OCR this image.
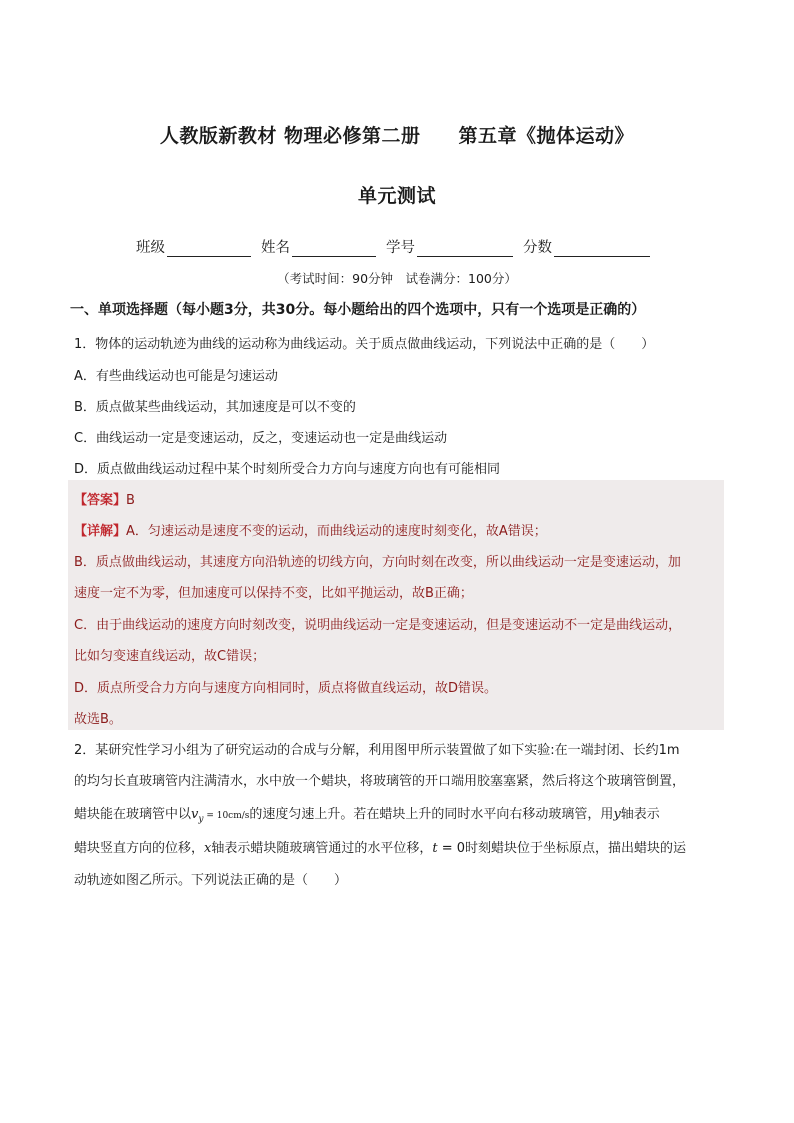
人教版新教材 物理必修第二册 第五章《抛体运动》
单元测试
班级	姓名	学号	分数
（考试时间：90分钟　试卷满分：100分）
一、单项选择题（每小题3分，共30分。每小题给出的四个选项中，只有一个选项是正确的）
1．物体的运动轨迹为曲线的运动称为曲线运动。关于质点做曲线运动，下列说法中正确的是（　　）
A．有些曲线运动也可能是匀速运动
B．质点做某些曲线运动，其加速度是可以不变的
C．曲线运动一定是变速运动，反之，变速运动也一定是曲线运动
D．质点做曲线运动过程中某个时刻所受合力方向与速度方向也有可能相同
【答案】B
【详解】A．匀速运动是速度不变的运动，而曲线运动的速度时刻变化，故A错误；
B．质点做曲线运动，其速度方向沿轨迹的切线方向，方向时刻在改变，所以曲线运动一定是变速运动，加
速度一定不为零，但加速度可以保持不变，比如平抛运动，故B正确；
C．由于曲线运动的速度方向时刻改变，说明曲线运动一定是变速运动，但是变速运动不一定是曲线运动，
比如匀变速直线运动，故C错误；
D．质点所受合力方向与速度方向相同时，质点将做直线运动，故D错误。
故选B。
2．某研究性学习小组为了研究运动的合成与分解，利用图甲所示装置做了如下实验:在一端封闭、长约1m
的均匀长直玻璃管内注满清水，水中放一个蜡块，将玻璃管的开口端用胶塞塞紧，然后将这个玻璃管倒置，
蜡块能在玻璃管中以$v_y = 10cm/s$的速度匀速上升。若在蜡块上升的同时水平向右移动玻璃管，用y轴表示
蜡块竖直方向的位移，x轴表示蜡块随玻璃管通过的水平位移，t = 0时刻蜡块位于坐标原点，描出蜡块的运
动轨迹如图乙所示。下列说法正确的是（　　）
